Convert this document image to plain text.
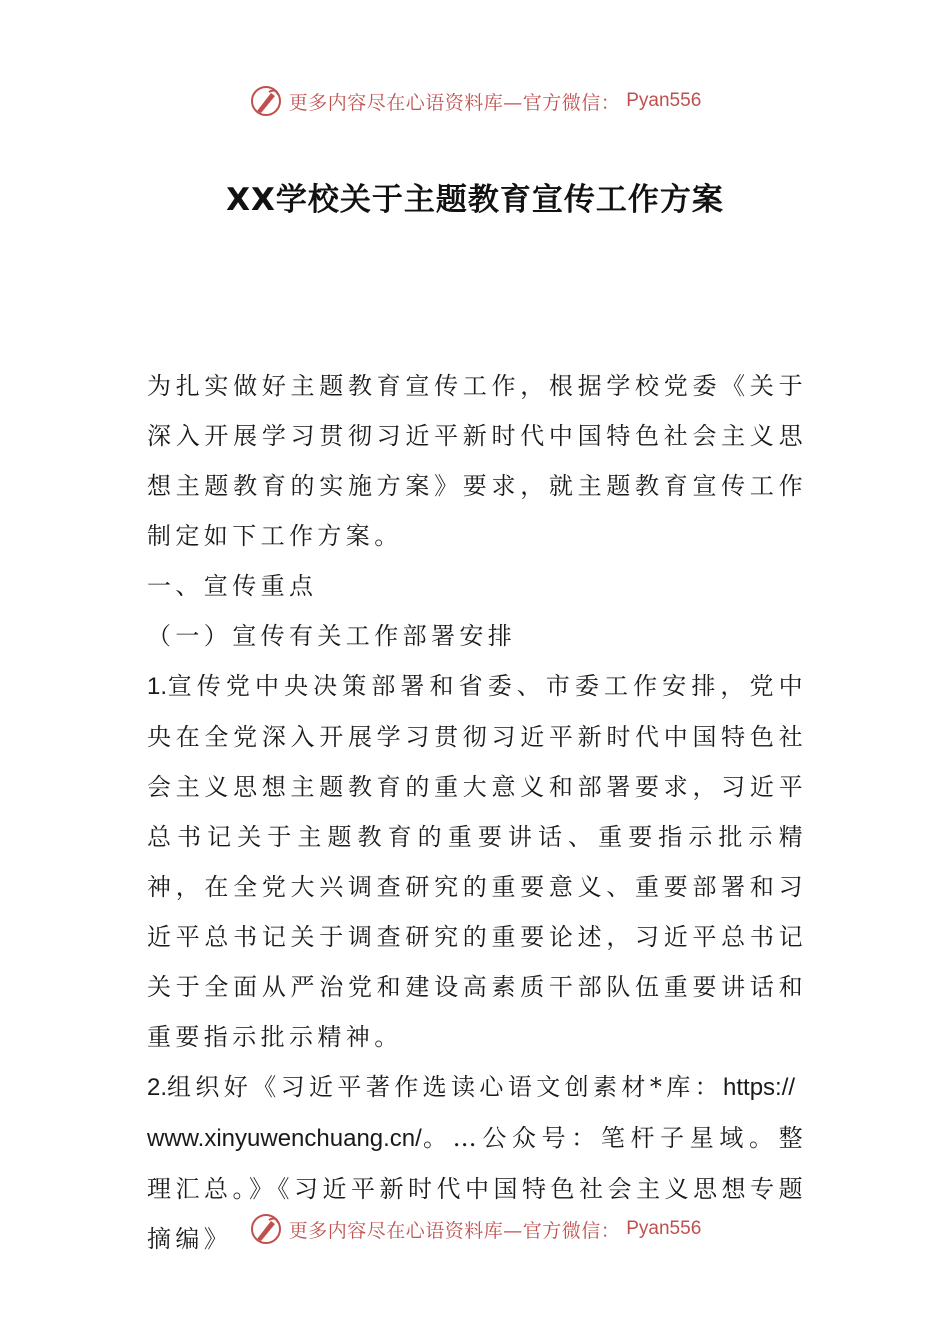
更多内容尽在心语资料库—官方微信： Pyan556
XX学校关于主题教育宣传工作方案

为扎实做好主题教育宣传工作，根据学校党委《关于深入开展学习贯彻习近平新时代中国特色社会主义思想主题教育的实施方案》要求，就主题教育宣传工作制定如下工作方案。

一、宣传重点

（一）宣传有关工作部署安排

1.宣传党中央决策部署和省委、市委工作安排，党中央在全党深入开展学习贯彻习近平新时代中国特色社会主义思想主题教育的重大意义和部署要求，习近平总书记关于主题教育的重要讲话、重要指示批示精神，在全党大兴调查研究的重要意义、重要部署和习近平总书记关于调查研究的重要论述，习近平总书记关于全面从严治党和建设高素质干部队伍重要讲话和重要指示批示精神。

2.组织好《习近平著作选读心语文创素材*库：https://
www.xinyuwenchuang.cn/。…公众号：笔杆子星域。整理汇总。》《习近平新时代中国特色社会主义思想专题摘编》	更多内容尽在心语资料库—官方微信： Pyan556
